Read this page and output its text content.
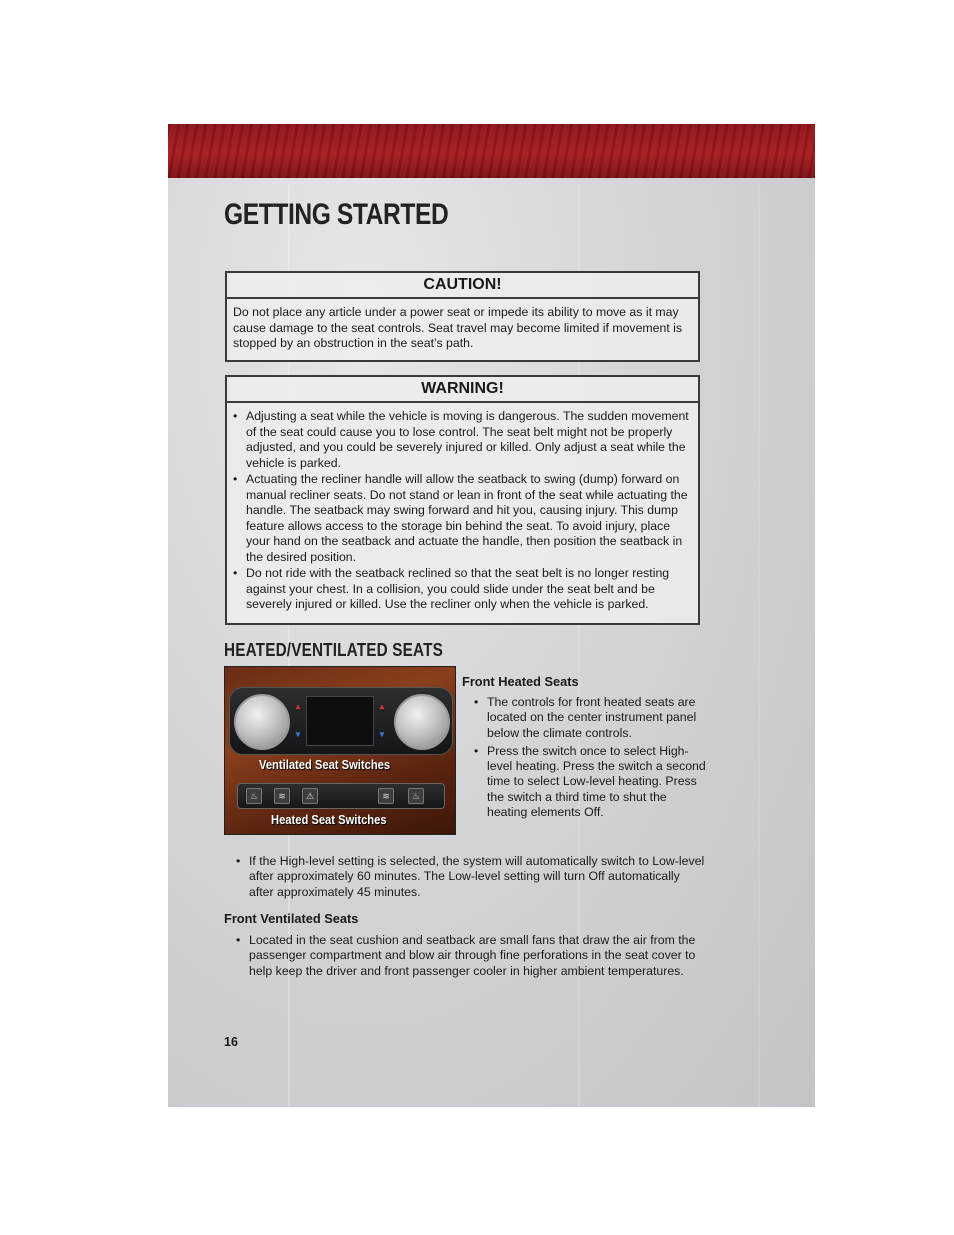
GETTING STARTED
CAUTION!
Do not place any article under a power seat or impede its ability to move as it may cause damage to the seat controls. Seat travel may become limited if movement is stopped by an obstruction in the seat’s path.
WARNING!
• Adjusting a seat while the vehicle is moving is dangerous. The sudden movement of the seat could cause you to lose control. The seat belt might not be properly adjusted, and you could be severely injured or killed. Only adjust a seat while the vehicle is parked.
• Actuating the recliner handle will allow the seatback to swing (dump) forward on manual recliner seats. Do not stand or lean in front of the seat while actuating the handle. The seatback may swing forward and hit you, causing injury. This dump feature allows access to the storage bin behind the seat. To avoid injury, place your hand on the seatback and actuate the handle, then position the seatback in the desired position.
• Do not ride with the seatback reclined so that the seat belt is no longer resting against your chest. In a collision, you could slide under the seat belt and be severely injured or killed. Use the recliner only when the vehicle is parked.
HEATED/VENTILATED SEATS
▲
▼
▲
▼
Ventilated Seat Switches
♨	≋	⚠	≋	♨
Heated Seat Switches
Front Heated Seats
• The controls for front heated seats are located on the center instrument panel below the climate controls.
• Press the switch once to select High-level heating. Press the switch a second time to select Low-level heating. Press the switch a third time to shut the heating elements Off.
• If the High-level setting is selected, the system will automatically switch to Low-level after approximately 60 minutes. The Low-level setting will turn Off automatically after approximately 45 minutes.
Front Ventilated Seats
• Located in the seat cushion and seatback are small fans that draw the air from the passenger compartment and blow air through fine perforations in the seat cover to help keep the driver and front passenger cooler in higher ambient temperatures.
16
